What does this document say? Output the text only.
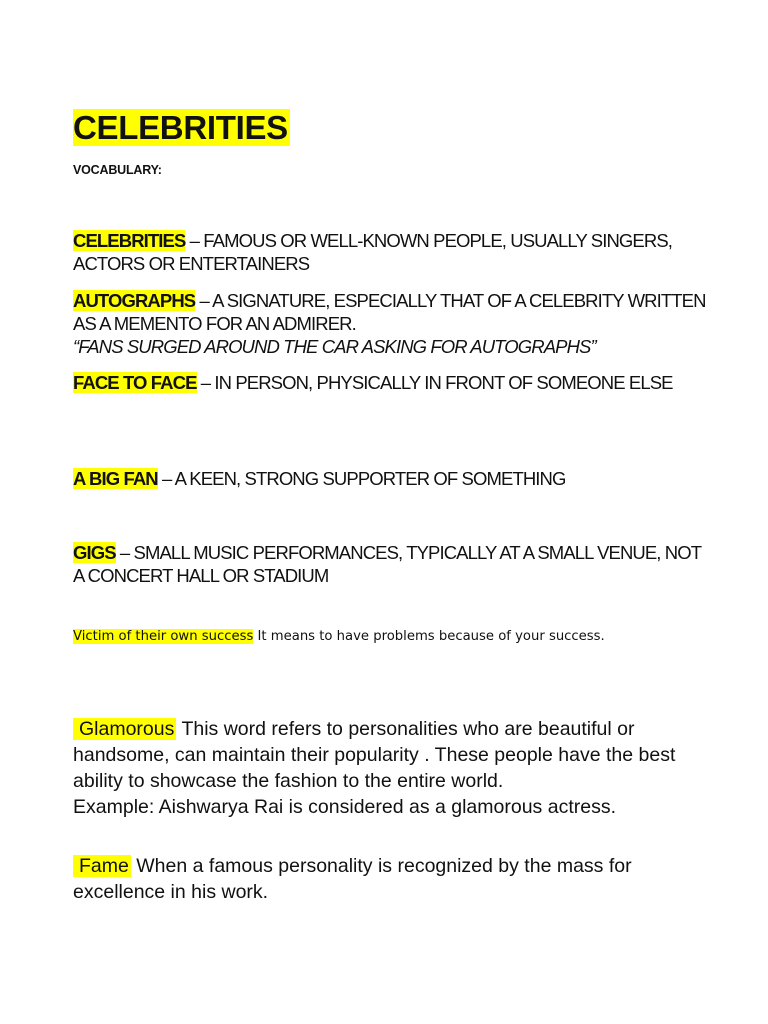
CELEBRITIES
VOCABULARY:
CELEBRITIES – FAMOUS OR WELL-KNOWN PEOPLE, USUALLY SINGERS, ACTORS OR ENTERTAINERS
AUTOGRAPHS – A SIGNATURE, ESPECIALLY THAT OF A CELEBRITY WRITTEN AS A MEMENTO FOR AN ADMIRER.
“FANS SURGED AROUND THE CAR ASKING FOR AUTOGRAPHS”
FACE TO FACE – IN PERSON, PHYSICALLY IN FRONT OF SOMEONE ELSE
A BIG FAN – A KEEN, STRONG SUPPORTER OF SOMETHING
GIGS – SMALL MUSIC PERFORMANCES, TYPICALLY AT A SMALL VENUE, NOT A CONCERT HALL OR STADIUM
Victim of their own success It means to have problems because of your success.
Glamorous This word refers to personalities who are beautiful or handsome, can maintain their popularity . These people have the best ability to showcase the fashion to the entire world.
Example: Aishwarya Rai is considered as a glamorous actress.
Fame When a famous personality is recognized by the mass for excellence in his work.
